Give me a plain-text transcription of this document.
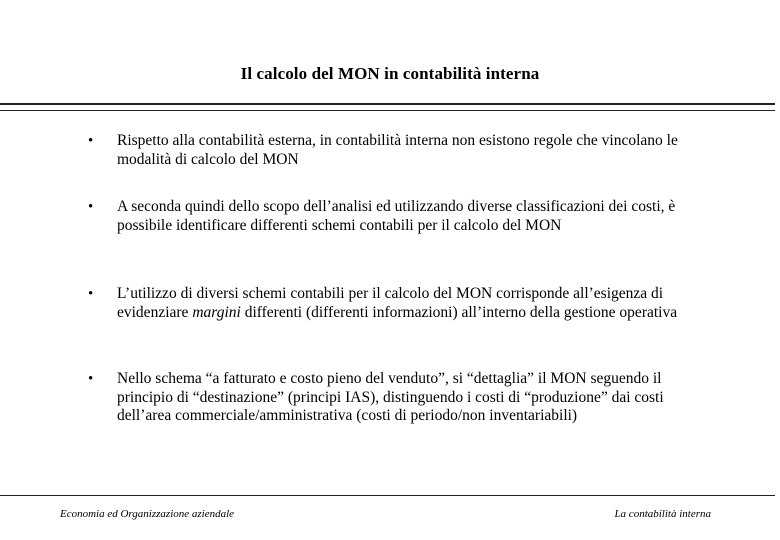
Il calcolo del MON in contabilità interna
•	Rispetto alla contabilità esterna, in contabilità interna non esistono regole che vincolano le modalità di calcolo del MON
•	A seconda quindi dello scopo dell’analisi ed utilizzando diverse classificazioni dei costi, è possibile identificare differenti schemi contabili per il calcolo del MON
•	L’utilizzo di diversi schemi contabili per il calcolo del MON corrisponde all’esigenza di evidenziare margini differenti (differenti informazioni) all’interno della gestione operativa
•	Nello schema “a fatturato e costo pieno del venduto”, si “dettaglia” il MON seguendo il principio di “destinazione” (principi IAS), distinguendo i costi di “produzione” dai costi dell’area commerciale/amministrativa (costi di periodo/non inventariabili)
Economia ed Organizzazione aziendale	La contabilità interna
